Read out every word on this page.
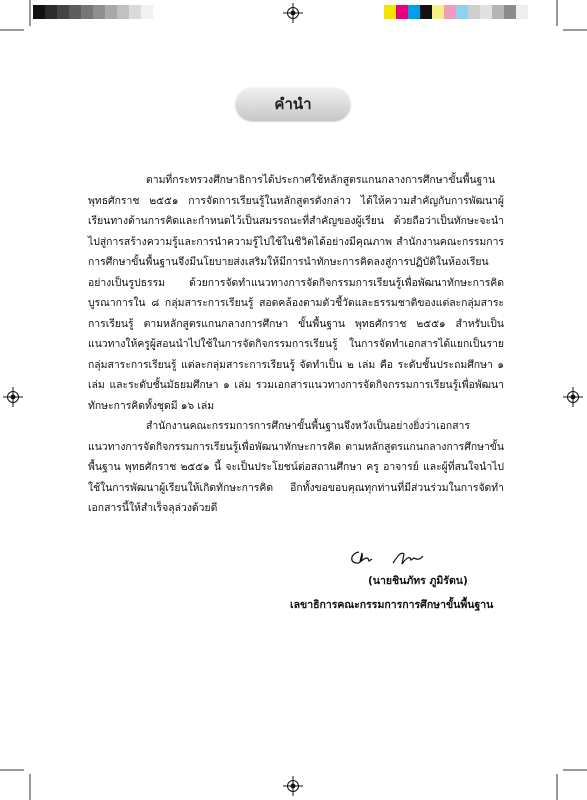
คำนำ

ตามที่กระทรวงศึกษาธิการได้ประกาศใช้หลักสูตรแกนกลางการศึกษาขั้นพื้นฐาน พุทธศักราช ๒๕๕๑ การจัดการเรียนรู้ในหลักสูตรดังกล่าว ได้ให้ความสำคัญกับการพัฒนาผู้เรียนทางด้านการคิดและกำหนดไว้เป็นสมรรถนะที่สำคัญของผู้เรียน ด้วยถือว่าเป็นทักษะจะนำไปสู่การสร้างความรู้และการนำความรู้ไปใช้ในชีวิตได้อย่างมีคุณภาพ สำนักงานคณะกรรมการการศึกษาขั้นพื้นฐานจึงมีนโยบายส่งเสริมให้มีการนำทักษะการคิดลงสู่การปฏิบัติในห้องเรียนอย่างเป็นรูปธรรม ด้วยการจัดทำแนวทางการจัดกิจกรรมการเรียนรู้เพื่อพัฒนาทักษะการคิดบูรณาการใน ๘ กลุ่มสาระการเรียนรู้ สอดคล้องตามตัวชี้วัดและธรรมชาติของแต่ละกลุ่มสาระการเรียนรู้ ตามหลักสูตรแกนกลางการศึกษา ขั้นพื้นฐาน พุทธศักราช ๒๕๕๑ สำหรับเป็นแนวทางให้ครูผู้สอนนำไปใช้ในการจัดกิจกรรมการเรียนรู้ ในการจัดทำเอกสารได้แยกเป็นรายกลุ่มสาระการเรียนรู้ แต่ละกลุ่มสาระการเรียนรู้ จัดทำเป็น ๒ เล่ม คือ ระดับชั้นประถมศึกษา ๑ เล่ม และระดับชั้นมัธยมศึกษา ๑ เล่ม รวมเอกสารแนวทางการจัดกิจกรรมการเรียนรู้เพื่อพัฒนาทักษะการคิดทั้งชุดมี ๑๖ เล่ม

สำนักงานคณะกรรมการการศึกษาขั้นพื้นฐานจึงหวังเป็นอย่างยิ่งว่าเอกสารแนวทางการจัดกิจกรรมการเรียนรู้เพื่อพัฒนาทักษะการคิด ตามหลักสูตรแกนกลางการศึกษาขั้นพื้นฐาน พุทธศักราช ๒๕๕๑ นี้ จะเป็นประโยชน์ต่อสถานศึกษา ครู อาจารย์ และผู้ที่สนใจนำไปใช้ในการพัฒนาผู้เรียนให้เกิดทักษะการคิด อีกทั้งขอขอบคุณทุกท่านที่มีส่วนร่วมในการจัดทำเอกสารนี้ให้สำเร็จลุล่วงด้วยดี

(นายชินภัทร ภูมิรัตน)
เลขาธิการคณะกรรมการการศึกษาขั้นพื้นฐาน
